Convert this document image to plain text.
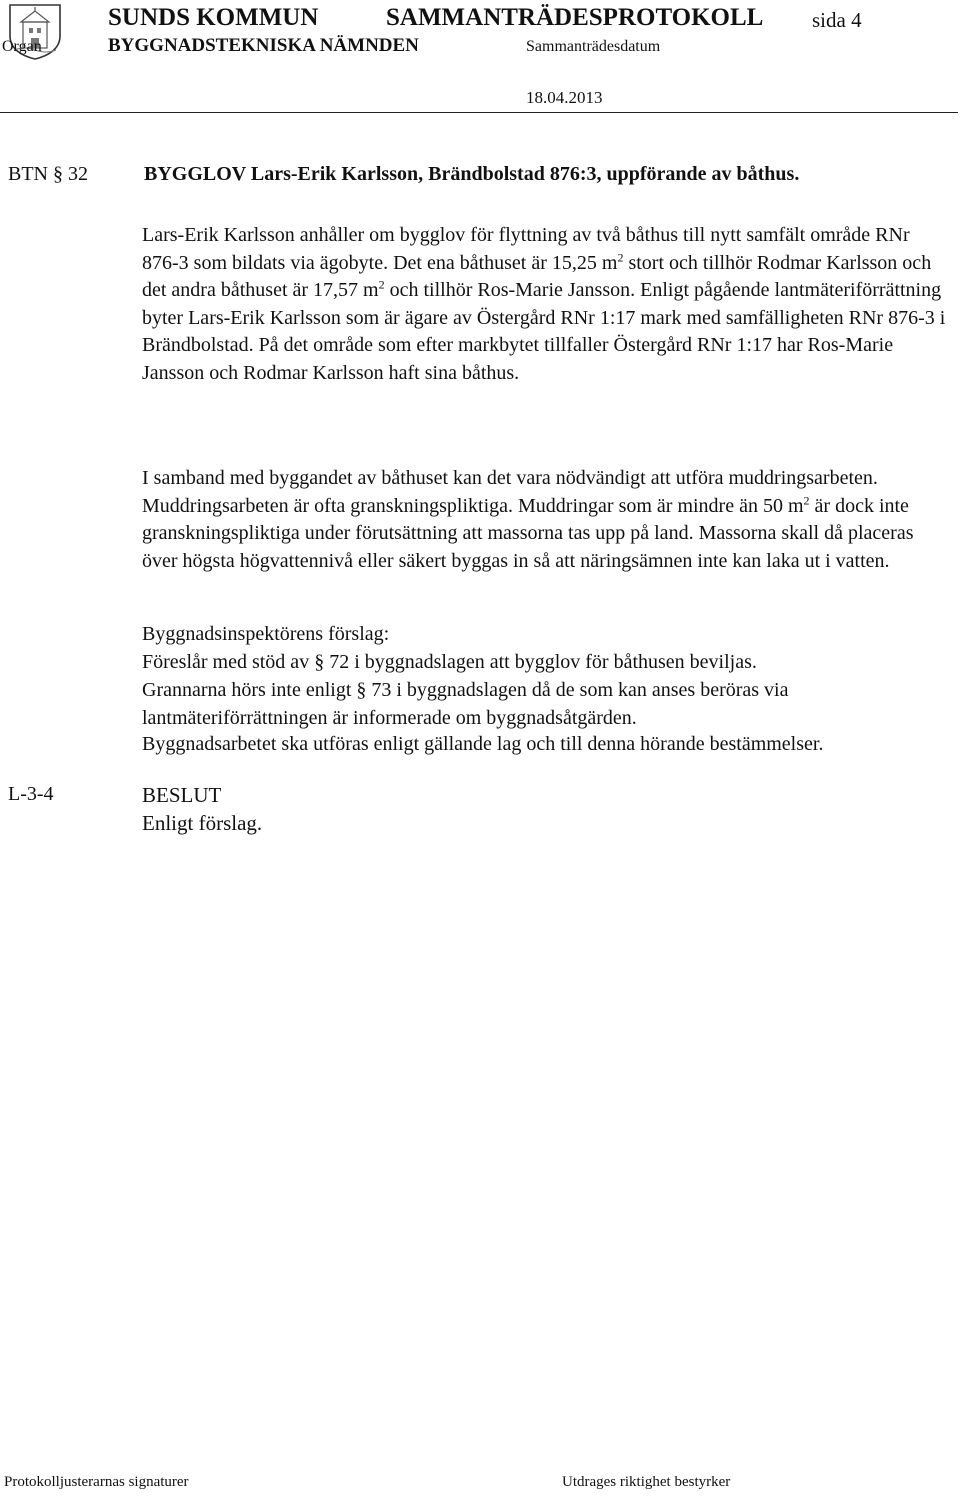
SUNDS KOMMUN	SAMMANTRÄDESPROTOKOLL sida 4
Organ	BYGGNADSTEKNISKA NÄMNDEN	Sammanträdesdatum
18.04.2013
BTN § 32	BYGGLOV Lars-Erik Karlsson, Brändbolstad 876:3, uppförande av båthus.

Lars-Erik Karlsson anhåller om bygglov för flyttning av två båthus till nytt samfält område RNr 876-3 som bildats via ägobyte. Det ena båthuset är 15,25 $m^2$ stort och tillhör Rodmar Karlsson och det andra båthuset är 17,57 $m^2$ och tillhör Ros-Marie Jansson. Enligt pågående lantmäteriförrättning byter Lars-Erik Karlsson som är ägare av Östergård RNr 1:17 mark med samfälligheten RNr 876-3 i Brändbolstad. På det område som efter markbytet tillfaller Östergård RNr 1:17 har Ros-Marie Jansson och Rodmar Karlsson haft sina båthus.

I samband med byggandet av båthuset kan det vara nödvändigt att utföra muddringsarbeten. Muddringsarbeten är ofta granskningspliktiga. Muddringar som är mindre än 50 $m^2$ är dock inte granskningspliktiga under förutsättning att massorna tas upp på land. Massorna skall då placeras över högsta högvattennivå eller säkert byggas in så att näringsämnen inte kan laka ut i vatten.

Byggnadsinspektörens förslag:
Föreslår med stöd av § 72 i byggnadslagen att bygglov för båthusen beviljas.
Grannarna hörs inte enligt § 73 i byggnadslagen då de som kan anses beröras via lantmäteriförrättningen är informerade om byggnadsåtgärden.
Byggnadsarbetet ska utföras enligt gällande lag och till denna hörande bestämmelser.
L-3-4	BESLUT
Enligt förslag.
Protokolljusterarnas signaturer	Utdrages riktighet bestyrker
